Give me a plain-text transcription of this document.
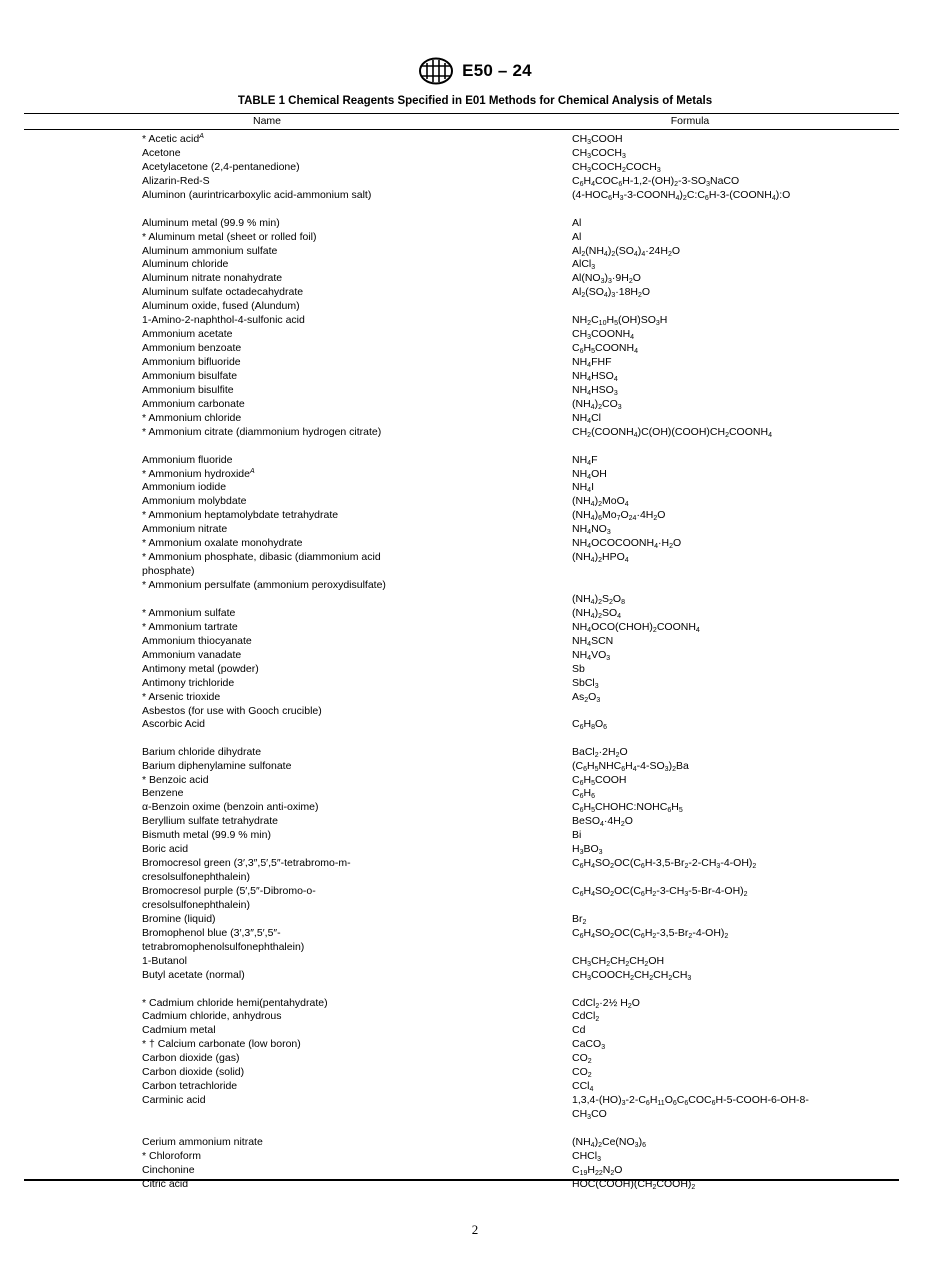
E50 – 24
TABLE 1 Chemical Reagents Specified in E01 Methods for Chemical Analysis of Metals
Name	Formula
* Acetic acid$^A$	$CH_3COOH$
Acetone	$CH_3COCH_3$
Acetylacetone (2,4-pentanedione)	$CH_3COCH_2COCH_3$
Alizarin-Red-S	$C_6H_4COC_6H-1,2-(OH)_2-3-SO_3NaCO$
Aluminon (aurintricarboxylic acid-ammonium salt)	$(4-HOC_6H_3-3-COONH_4)_2C:C_6H-3-(COONH_4):O$
Aluminum metal (99.9 % min)	Al
* Aluminum metal (sheet or rolled foil)	Al
Aluminum ammonium sulfate	$Al_2(NH_4)_2(SO_4)_4\cdot 24H_2O$
Aluminum chloride	AlCl$_3$
Aluminum nitrate nonahydrate	$Al(NO_3)_3\cdot 9H_2O$
Aluminum sulfate octadecahydrate	$Al_2(SO_4)_3\cdot 18H_2O$
Aluminum oxide, fused (Alundum)
1-Amino-2-naphthol-4-sulfonic acid	$NH_2C_{10}H_5(OH)SO_3H$
Ammonium acetate	$CH_3COONH_4$
Ammonium benzoate	$C_6H_5COONH_4$
Ammonium bifluoride	$NH_4FHF$
Ammonium bisulfate	$NH_4HSO_4$
Ammonium bisulfite	$NH_4HSO_3$
Ammonium carbonate	$(NH_4)_2CO_3$
* Ammonium chloride	$NH_4Cl$
* Ammonium citrate (diammonium hydrogen citrate)	$CH_2(COONH_4)C(OH)(COOH)CH_2COONH_4$
Ammonium fluoride	$NH_4F$
* Ammonium hydroxide$^A$	$NH_4OH$
Ammonium iodide	$NH_4I$
Ammonium molybdate	$(NH_4)_2MoO_4$
* Ammonium heptamolybdate tetrahydrate	$(NH_4)_6Mo_7O_{24}\cdot 4H_2O$
Ammonium nitrate	$NH_4NO_3$
* Ammonium oxalate monohydrate	$NH_4OCOCOONH_4\cdot H_2O$
* Ammonium phosphate, dibasic (diammonium acid phosphate)
$(NH_4)_2HPO_4$
* Ammonium persulfate (ammonium peroxydisulfate)
$(NH_4)_2S_2O_8$
* Ammonium sulfate	$(NH_4)_2SO_4$
* Ammonium tartrate	$NH_4OCO(CHOH)_2COONH_4$
Ammonium thiocyanate	$NH_4SCN$
Ammonium vanadate	$NH_4VO_3$
Antimony metal (powder)	Sb
Antimony trichloride	SbCl$_3$
* Arsenic trioxide	$As_2O_3$
Asbestos (for use with Gooch crucible)
Ascorbic Acid	$C_6H_8O_6$
Barium chloride dihydrate	$BaCl_2\cdot 2H_2O$
Barium diphenylamine sulfonate	$(C_6H_5NHC_6H_4-4-SO_3)_2Ba$
* Benzoic acid	$C_6H_5COOH$
Benzene	$C_6H_6$
α-Benzoin oxime (benzoin anti-oxime)	$C_6H_5CHOHC:NOHC_6H_5$
Beryllium sulfate tetrahydrate	$BeSO_4\cdot 4H_2O$
Bismuth metal (99.9 % min)	Bi
Boric acid	$H_3BO_3$
Bromocresol green (3′,3″,5′,5″-tetrabromo-m-cresolsulfonephthalein)
$C_6H_4SO_2OC(C_6H-3,5-Br_2-2-CH_3-4-OH)_2$
Bromocresol purple (5′,5″-Dibromo-o-cresolsulfonephthalein)
$C_6H_4SO_2OC(C_6H_2-3-CH_3-5-Br-4-OH)_2$
Bromine (liquid)	$Br_2$
Bromophenol blue (3′,3″,5′,5″-tetrabromophenolsulfonephthalein)
$C_6H_4SO_2OC(C_6H_2-3,5-Br_2-4-OH)_2$
1-Butanol	$CH_3CH_2CH_2CH_2OH$
Butyl acetate (normal)	$CH_3COOCH_2CH_2CH_2CH_3$
* Cadmium chloride hemi(pentahydrate)	CdCl$_2$·2½ $H_2O$
Cadmium chloride, anhydrous	CdCl$_2$
Cadmium metal	Cd
* † Calcium carbonate (low boron)	CaCO$_3$
Carbon dioxide (gas)	$CO_2$
Carbon dioxide (solid)	$CO_2$
Carbon tetrachloride	CCl$_4$
Carminic acid	$1,3,4-(HO)_3-2-C_6H_{11}O_6C_6COC_6H-5-COOH-6-OH-8-CH_3CO$
Cerium ammonium nitrate	$(NH_4)_2Ce(NO_3)_6$
* Chloroform	CHCl$_3$
Cinchonine	$C_{19}H_{22}N_2O$
Citric acid	$HOC(COOH)(CH_2COOH)_2$
2
